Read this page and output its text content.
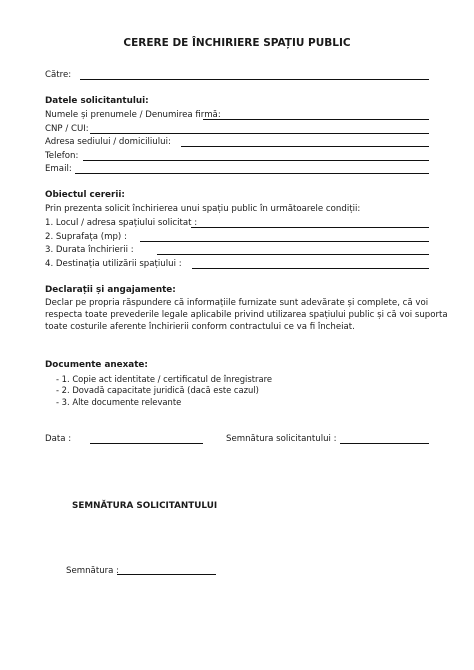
CERERE DE ÎNCHIRIERE SPAȚIU PUBLIC
Către:
Datele solicitantului:
Numele și prenumele / Denumirea firmă:
CNP / CUI:
Adresa sediului / domiciliului:
Telefon:
Email:
Obiectul cererii:
Prin prezenta solicit închirierea unui spațiu public în următoarele condiții:
1. Locul / adresa spațiului solicitat :
2. Suprafața (mp) :
3. Durata închirierii :
4. Destinația utilizării spațiului :
Declarații și angajamente:
Declar pe propria răspundere că informațiile furnizate sunt adevărate și complete, că voi
respecta toate prevederile legale aplicabile privind utilizarea spațiului public și că voi suporta
toate costurile aferente închirierii conform contractului ce va fi încheiat.
Documente anexate:
- 1. Copie act identitate / certificatul de înregistrare
- 2. Dovadă capacitate juridică (dacă este cazul)
- 3. Alte documente relevante
Data :	Semnătura solicitantului :
SEMNĂTURA SOLICITANTULUI
Semnătura :
